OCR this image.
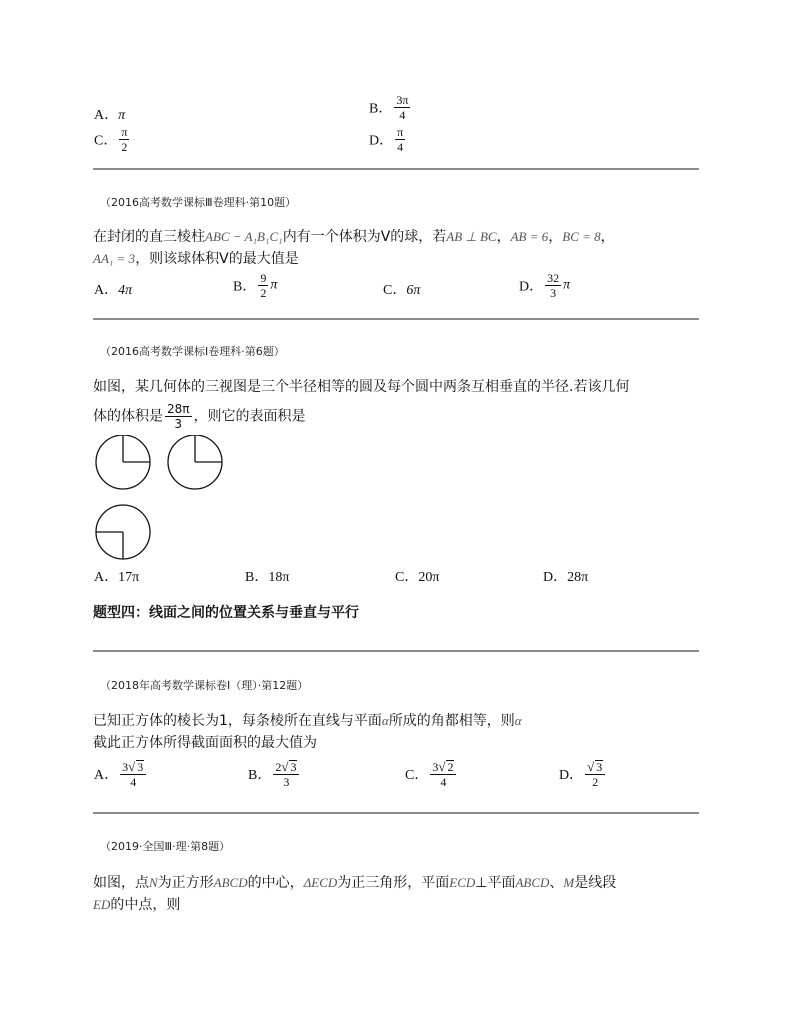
A．π	B． $\frac{3\pi}{4}$
C． $\frac{\pi}{2}$	D． $\frac{\pi}{4}$
（2016高考数学课标Ⅲ卷理科·第10题）
在封闭的直三棱柱ABC − A₁B₁C₁内有一个体积为V的球，若AB ⊥ BC，AB = 6，BC = 8，
AA₁ = 3，则该球体积V的最大值是
A．4π	B． $\frac{9}{2}$ π	C．6π	D． $\frac{32}{3}$ π
（2016高考数学课标Ⅰ卷理科·第6题）
如图，某几何体的三视图是三个半径相等的圆及每个圆中两条互相垂直的半径.若该几何
体的体积是 $\frac{28\pi}{3}$ ，则它的表面积是
A．17π	B．18π	C．20π	D．28π
题型四：线面之间的位置关系与垂直与平行
（2018年高考数学课标卷Ⅰ（理）·第12题）
已知正方体的棱长为1，每条棱所在直线与平面α所成的角都相等，则α
截此正方体所得截面面积的最大值为
A． $\frac{3√ 3}{4}$	B． $\frac{2√ 3}{3}$	C． $\frac{3√ 2}{4}$	D． $\frac{√ 3}{2}$
（2019·全国Ⅲ·理·第8题）
如图，点N为正方形ABCD的中心，ΔECD为正三角形，平面ECD⊥平面ABCD、M是线段
ED的中点，则
